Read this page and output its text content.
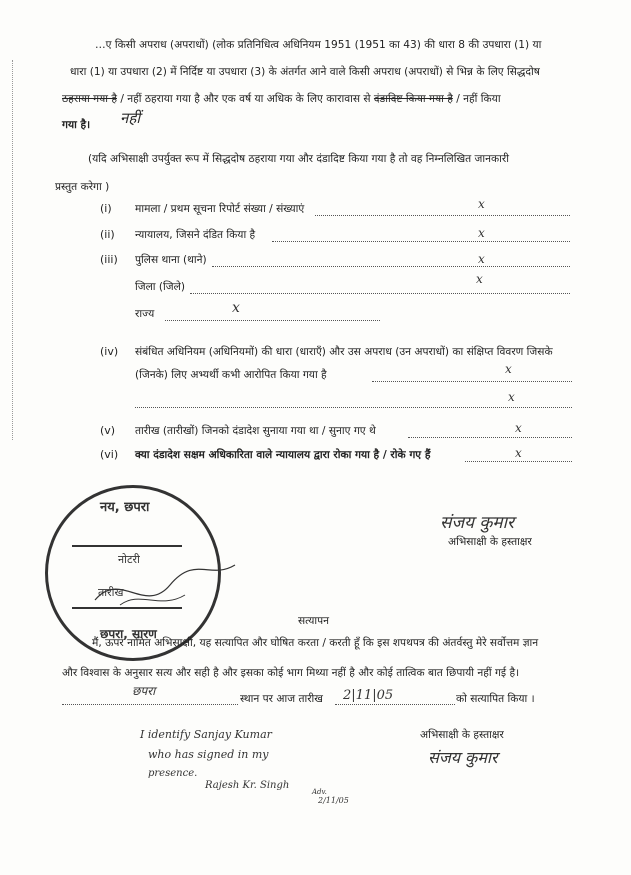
…ए किसी अपराध (अपराधों) (लोक प्रतिनिधित्व अधिनियम 1951 (1951 का 43) की धारा 8 की उपधारा (1) या
धारा (1) या उपधारा (2) में निर्दिष्ट या उपधारा (3) के अंतर्गत आने वाले किसी अपराध (अपराधों) से भिन्न के लिए सिद्धदोष
ठहराया गया है / नहीं ठहराया गया है और एक वर्ष या अधिक के लिए कारावास से दंडादिष्ट किया गया है / नहीं किया
गया है। नहीं
(यदि अभिसाक्षी उपर्युक्त रूप में सिद्धदोष ठहराया गया और दंडादिष्ट किया गया है तो वह निम्नलिखित जानकारी
प्रस्तुत करेगा )
(i) मामला / प्रथम सूचना रिपोर्ट संख्या / संख्याएं	x
(ii) न्यायालय, जिसने दंडित किया है	x
(iii) पुलिस थाना (थाने)	x
जिला (जिले)
x
राज्य	x
(iv) संबंधित अधिनियम (अधिनियमों) की धारा (धाराएँ) और उस अपराध (उन अपराधों) का संक्षिप्त विवरण जिसके
(जिनके) लिए अभ्यर्थी कभी आरोपित किया गया है	x
x
(v) तारीख (तारीखों) जिनको दंडादेश सुनाया गया था / सुनाए गए थे	x
(vi) क्या दंडादेश सक्षम अधिकारिता वाले न्यायालय द्वारा रोका गया है / रोके गए हैं	x
संजय कुमार
अभिसाक्षी के हस्ताक्षर
नय, छपरा
नोटरी
तारीख
छपरा, सारण
सत्यापन
मैं, ऊपर नामित अभिसाक्षी, यह सत्यापित और घोषित करता / करती हूँ कि इस शपथपत्र की अंतर्वस्तु मेरे सर्वोत्तम ज्ञान
और विश्वास के अनुसार सत्य और सही है और इसका कोई भाग मिथ्या नहीं है और कोई तात्विक बात छिपायी नहीं गई है।
छपरा
स्थान पर आज तारीख 2|11|05	को सत्यापित किया ।
I identify Sanjay Kumar
who has signed in my
presence.
Rajesh Kr. Singh
Adv.
2/11/05
अभिसाक्षी के हस्ताक्षर
संजय कुमार
